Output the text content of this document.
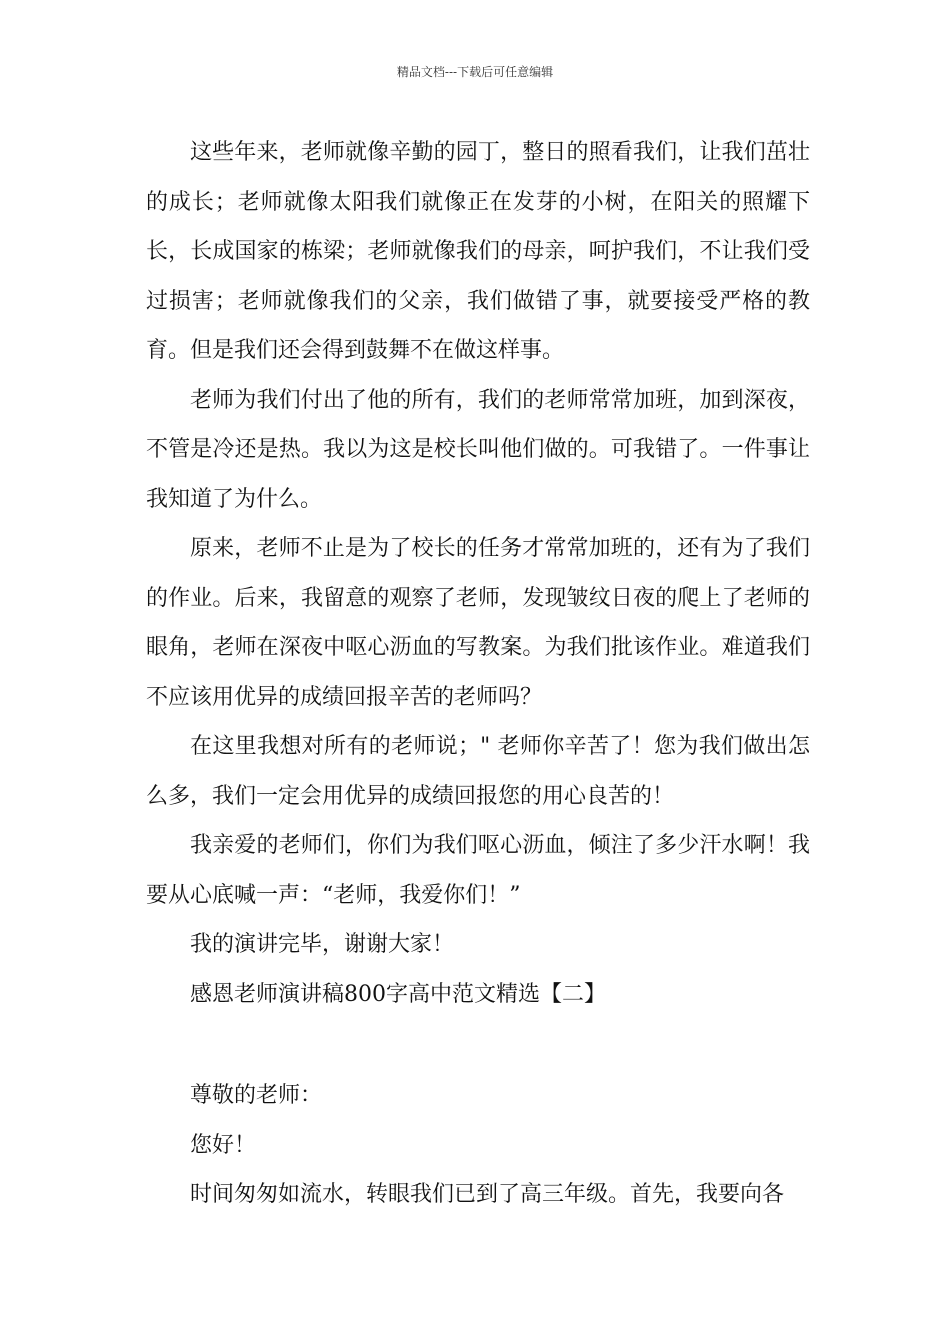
精品文档---下载后可任意编辑

这些年来，老师就像辛勤的园丁，整日的照看我们，让我们茁壮的成长；老师就像太阳我们就像正在发芽的小树，在阳关的照耀下长，长成国家的栋梁；老师就像我们的母亲，呵护我们，不让我们受过损害；老师就像我们的父亲，我们做错了事，就要接受严格的教育。但是我们还会得到鼓舞不在做这样事。

老师为我们付出了他的所有，我们的老师常常加班，加到深夜，不管是冷还是热。我以为这是校长叫他们做的。可我错了。一件事让我知道了为什么。

原来，老师不止是为了校长的任务才常常加班的，还有为了我们的作业。后来，我留意的观察了老师，发现皱纹日夜的爬上了老师的眼角，老师在深夜中呕心沥血的写教案。为我们批该作业。难道我们不应该用优异的成绩回报辛苦的老师吗？

在这里我想对所有的老师说；" 老师你辛苦了！您为我们做出怎么多，我们一定会用优异的成绩回报您的用心良苦的！

我亲爱的老师们，你们为我们呕心沥血，倾注了多少汗水啊！我要从心底喊一声：“老师，我爱你们！”

我的演讲完毕，谢谢大家！

感恩老师演讲稿800字高中范文精选【二】

尊敬的老师：

您好！

时间匆匆如流水，转眼我们已到了高三年级。首先，我要向各
